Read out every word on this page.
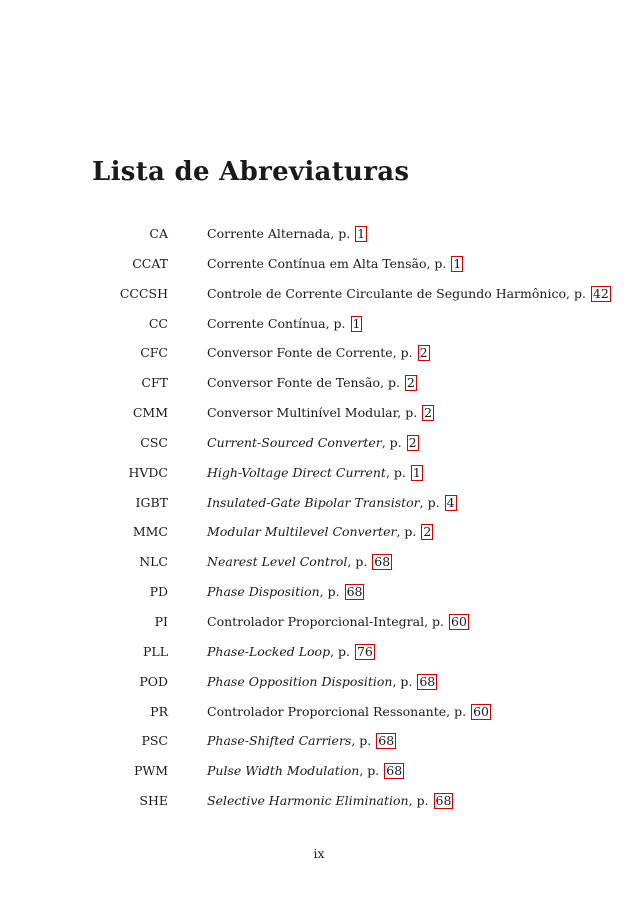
Lista de Abreviaturas
CA	Corrente Alternada, p. 1
CCAT	Corrente Contínua em Alta Tensão, p. 1
CCCSH	Controle de Corrente Circulante de Segundo Harmônico, p. 42
CC	Corrente Contínua, p. 1
CFC	Conversor Fonte de Corrente, p. 2
CFT	Conversor Fonte de Tensão, p. 2
CMM	Conversor Multinível Modular, p. 2
CSC	Current-Sourced Converter, p. 2
HVDC	High-Voltage Direct Current, p. 1
IGBT	Insulated-Gate Bipolar Transistor, p. 4
MMC	Modular Multilevel Converter, p. 2
NLC	Nearest Level Control, p. 68
PD	Phase Disposition, p. 68
PI	Controlador Proporcional-Integral, p. 60
PLL	Phase-Locked Loop, p. 76
POD	Phase Opposition Disposition, p. 68
PR	Controlador Proporcional Ressonante, p. 60
PSC	Phase-Shifted Carriers, p. 68
PWM	Pulse Width Modulation, p. 68
SHE	Selective Harmonic Elimination, p. 68
ix
